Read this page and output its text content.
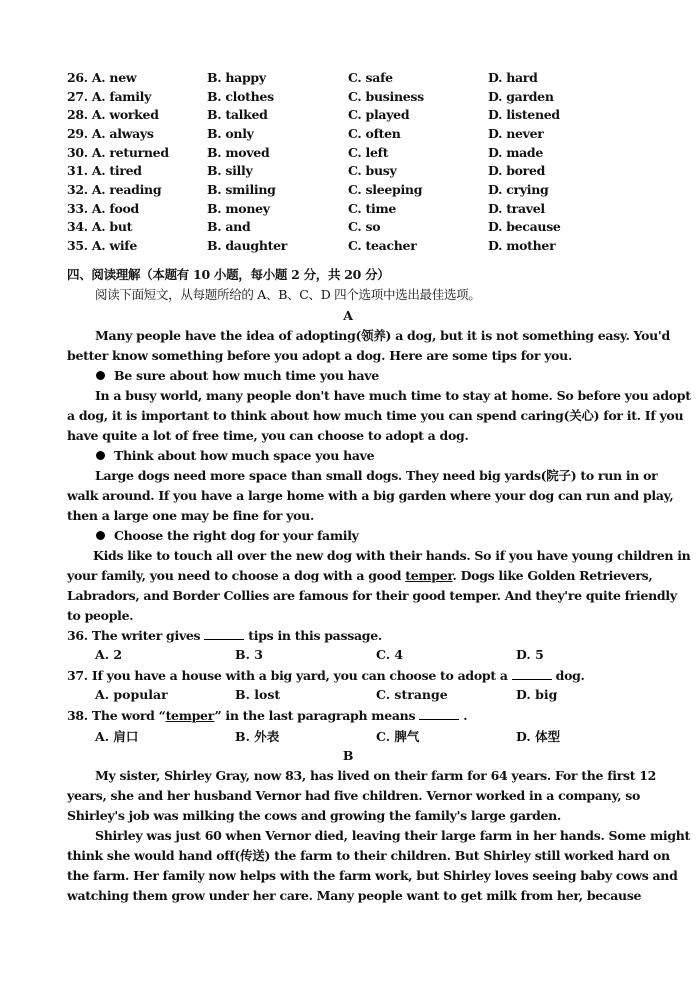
26. A. new	B. happy	C. safe	D. hard
27. A. family	B. clothes	C. business	D. garden
28. A. worked	B. talked	C. played	D. listened
29. A. always	B. only	C. often	D. never
30. A. returned	B. moved	C. left	D. made
31. A. tired	B. silly	C. busy	D. bored
32. A. reading	B. smiling	C. sleeping	D. crying
33. A. food	B. money	C. time	D. travel
34. A. but	B. and	C. so	D. because
35. A. wife	B. daughter	C. teacher	D. mother
四、阅读理解（本题有 10 小题，每小题 2 分，共 20 分）
阅读下面短文，从每题所给的 A、B、C、D 四个选项中选出最佳选项。
A
Many people have the idea of adopting(领养) a dog, but it is not something easy. You'd
better know something before you adopt a dog. Here are some tips for you.
Be sure about how much time you have
In a busy world, many people don't have much time to stay at home. So before you adopt
a dog, it is important to think about how much time you can spend caring(关心) for it. If you
have quite a lot of free time, you can choose to adopt a dog.
Think about how much space you have
Large dogs need more space than small dogs. They need big yards(院子) to run in or
walk around. If you have a large home with a big garden where your dog can run and play,
then a large one may be fine for you.
Choose the right dog for your family
Kids like to touch all over the new dog with their hands. So if you have young children in
your family, you need to choose a dog with a good temper. Dogs like Golden Retrievers,
Labradors, and Border Collies are famous for their good temper. And they're quite friendly
to people.
36. The writer gives	tips in this passage.
A. 2	B. 3	C. 4	D. 5
37. If you have a house with a big yard, you can choose to adopt a	dog.
A. popular	B. lost	C. strange	D. big
38. The word “temper” in the last paragraph means	.
A. 肩口	B. 外表	C. 脾气	D. 体型
B
My sister, Shirley Gray, now 83, has lived on their farm for 64 years. For the first 12
years, she and her husband Vernor had five children. Vernor worked in a company, so
Shirley's job was milking the cows and growing the family's large garden.
Shirley was just 60 when Vernor died, leaving their large farm in her hands. Some might
think she would hand off(传送) the farm to their children. But Shirley still worked hard on
the farm. Her family now helps with the farm work, but Shirley loves seeing baby cows and
watching them grow under her care. Many people want to get milk from her, because
